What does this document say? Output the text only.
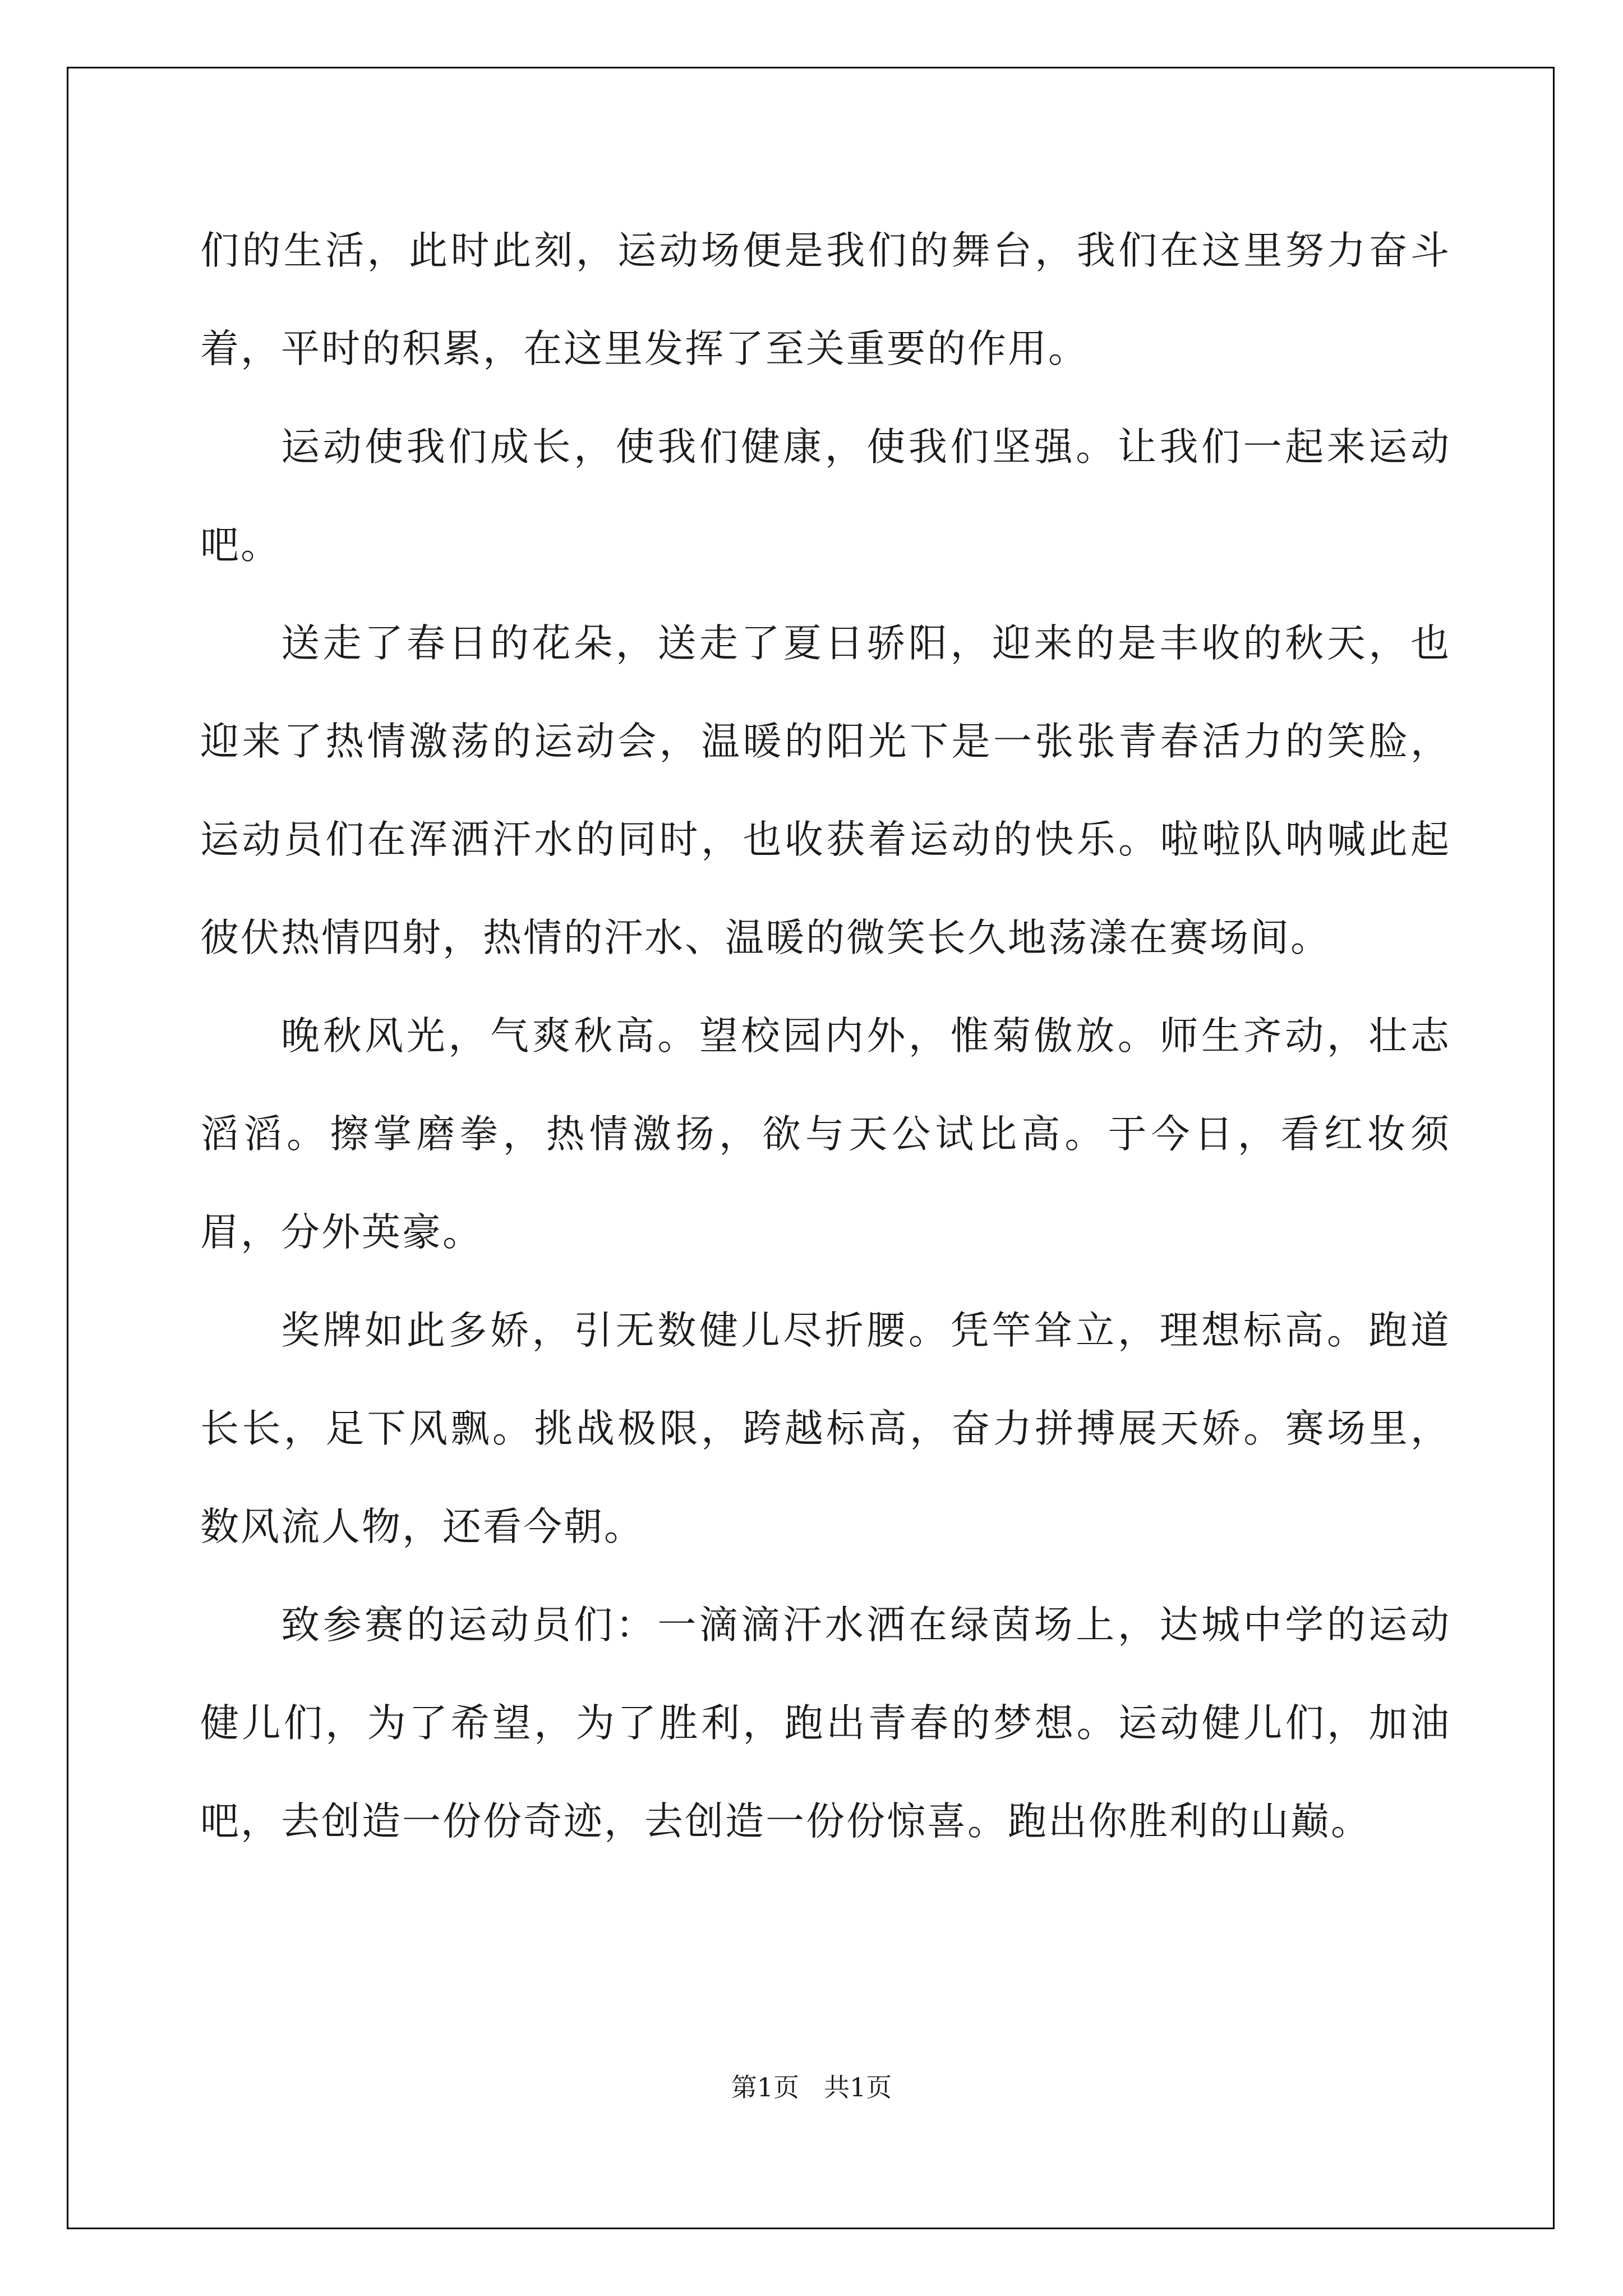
们的生活，此时此刻，运动场便是我们的舞台，我们在这里努力奋斗着，平时的积累，在这里发挥了至关重要的作用。

运动使我们成长，使我们健康，使我们坚强。让我们一起来运动吧。

送走了春日的花朵，送走了夏日骄阳，迎来的是丰收的秋天，也迎来了热情激荡的运动会，温暖的阳光下是一张张青春活力的笑脸，运动员们在浑洒汗水的同时，也收获着运动的快乐。啦啦队呐喊此起彼伏热情四射，热情的汗水、温暖的微笑长久地荡漾在赛场间。

晚秋风光，气爽秋高。望校园内外，惟菊傲放。师生齐动，壮志滔滔。擦掌磨拳，热情激扬，欲与天公试比高。于今日，看红妆须眉，分外英豪。

奖牌如此多娇，引无数健儿尽折腰。凭竿耸立，理想标高。跑道长长，足下风飘。挑战极限，跨越标高，奋力拼搏展天娇。赛场里，数风流人物，还看今朝。

致参赛的运动员们：一滴滴汗水洒在绿茵场上，达城中学的运动健儿们，为了希望，为了胜利，跑出青春的梦想。运动健儿们，加油吧，去创造一份份奇迹，去创造一份份惊喜。跑出你胜利的山巅。

第1页 共1页
